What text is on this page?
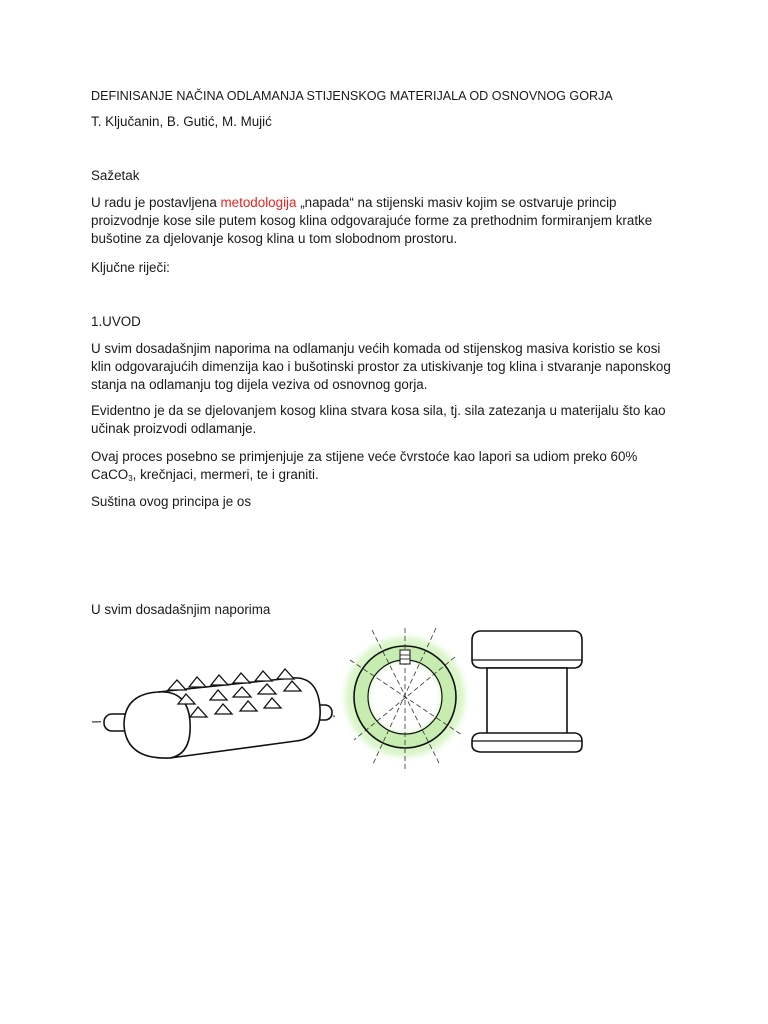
DEFINISANJE NAČINA ODLAMANJA STIJENSKOG MATERIJALA OD OSNOVNOG GORJA

T. Ključanin, B. Gutić, M. Mujić

Sažetak

U radu je postavljena metodologija „napada“ na stijenski masiv kojim se ostvaruje princip proizvodnje kose sile putem kosog klina odgovarajuće forme za prethodnim formiranjem kratke bušotine za djelovanje kosog klina u tom slobodnom prostoru.

Ključne riječi:

1.UVOD

U svim dosadašnjim naporima na odlamanju većih komada od stijenskog masiva koristio se kosi klin odgovarajućih dimenzija kao i bušotinski prostor za utiskivanje tog klina i stvaranje naponskog stanja na odlamanju tog dijela veziva od osnovnog gorja.

Evidentno je da se djelovanjem kosog klina stvara kosa sila, tj. sila zatezanja u materijalu što kao učinak proizvodi odlamanje.

Ovaj proces posebno se primjenjuje za stijene veće čvrstoće kao lapori sa udiom preko 60% CaCO$_3$, krečnjaci, mermeri, te i graniti.

Suština ovog principa je os

U svim dosadašnjim naporima
